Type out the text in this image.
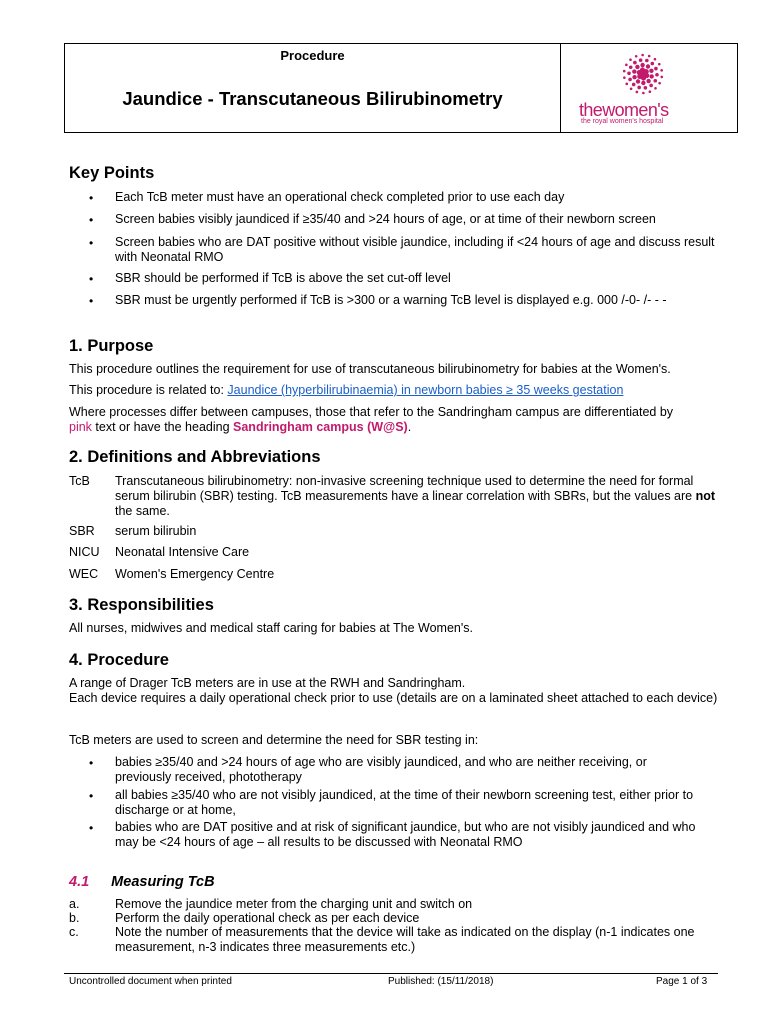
Procedure
Jaundice - Transcutaneous Bilirubinometry
thewomen's
the royal women's hospital
Key Points
• Each TcB meter must have an operational check completed prior to use each day
• Screen babies visibly jaundiced if ≥35/40 and >24 hours of age, or at time of their newborn screen
• Screen babies who are DAT positive without visible jaundice, including if <24 hours of age and discuss result with Neonatal RMO
• SBR should be performed if TcB is above the set cut-off level
• SBR must be urgently performed if TcB is >300 or a warning TcB level is displayed e.g. 000 /-0- /- - -
1. Purpose
This procedure outlines the requirement for use of transcutaneous bilirubinometry for babies at the Women's.
This procedure is related to: Jaundice (hyperbilirubinaemia) in newborn babies ≥ 35 weeks gestation
Where processes differ between campuses, those that refer to the Sandringham campus are differentiated by
pink text or have the heading Sandringham campus (W@S).
2. Definitions and Abbreviations
TcB Transcutaneous bilirubinometry: non-invasive screening technique used to determine the need for formal serum bilirubin (SBR) testing. TcB measurements have a linear correlation with SBRs, but the values are not the same.
SBR serum bilirubin
NICU Neonatal Intensive Care
WEC Women's Emergency Centre
3. Responsibilities
All nurses, midwives and medical staff caring for babies at The Women's.
4. Procedure
A range of Drager TcB meters are in use at the RWH and Sandringham.
Each device requires a daily operational check prior to use (details are on a laminated sheet attached to each device)
TcB meters are used to screen and determine the need for SBR testing in:
• babies ≥35/40 and >24 hours of age who are visibly jaundiced, and who are neither receiving, or previously received, phototherapy
• all babies ≥35/40 who are not visibly jaundiced, at the time of their newborn screening test, either prior to discharge or at home,
• babies who are DAT positive and at risk of significant jaundice, but who are not visibly jaundiced and who may be <24 hours of age – all results to be discussed with Neonatal RMO
4.1 Measuring TcB
a.	Remove the jaundice meter from the charging unit and switch on
b.	Perform the daily operational check as per each device
c.	Note the number of measurements that the device will take as indicated on the display (n-1 indicates one measurement, n-3 indicates three measurements etc.)
Uncontrolled document when printed	Published: (15/11/2018)	Page 1 of 3
